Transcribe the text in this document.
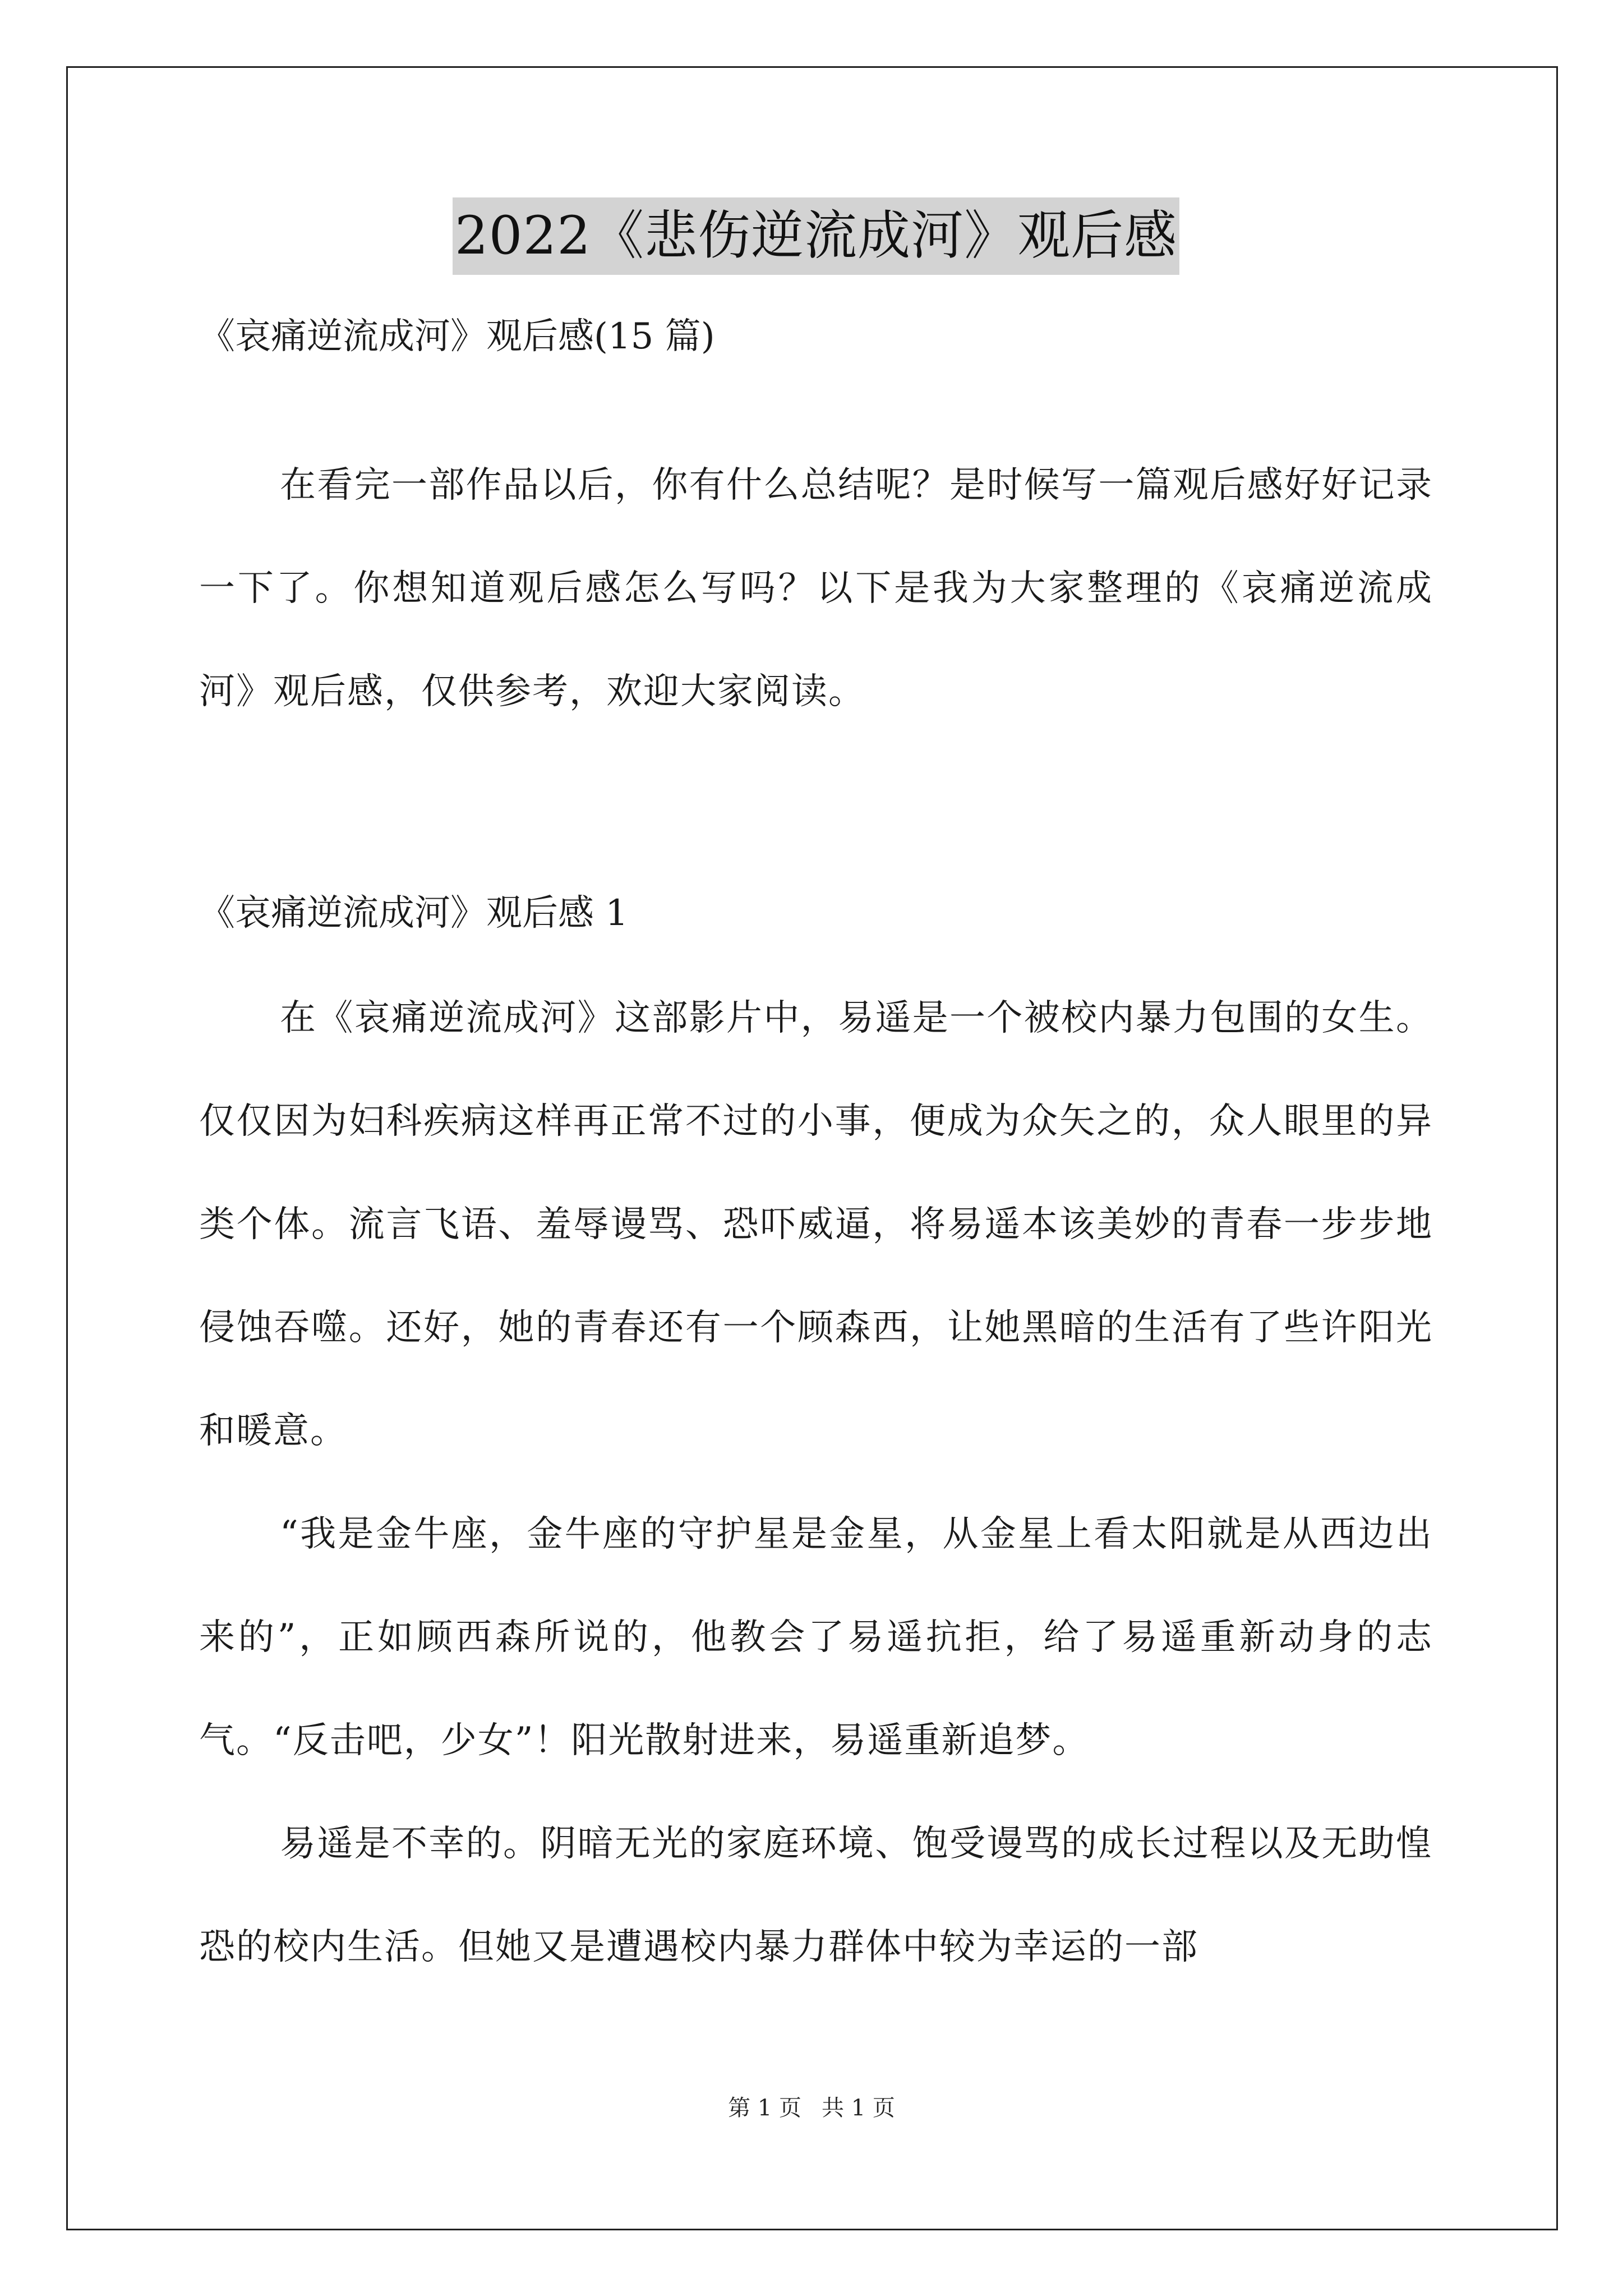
2022《悲伤逆流成河》观后感
《哀痛逆流成河》观后感(15 篇)
在看完一部作品以后，你有什么总结呢？是时候写一篇观后感好好记录一下了。你想知道观后感怎么写吗？以下是我为大家整理的《哀痛逆流成河》观后感，仅供参考，欢迎大家阅读。
《哀痛逆流成河》观后感 1
在《哀痛逆流成河》这部影片中，易遥是一个被校内暴力包围的女生。仅仅因为妇科疾病这样再正常不过的小事，便成为众矢之的，众人眼里的异类个体。流言飞语、羞辱谩骂、恐吓威逼，将易遥本该美妙的青春一步步地侵蚀吞噬。还好，她的青春还有一个顾森西，让她黑暗的生活有了些许阳光和暖意。
“我是金牛座，金牛座的守护星是金星，从金星上看太阳就是从西边出来的”，正如顾西森所说的，他教会了易遥抗拒，给了易遥重新动身的志气。“反击吧，少女”！阳光散射进来，易遥重新追梦。
易遥是不幸的。阴暗无光的家庭环境、饱受谩骂的成长过程以及无助惶恐的校内生活。但她又是遭遇校内暴力群体中较为幸运的一部
第 1 页 共 1 页
